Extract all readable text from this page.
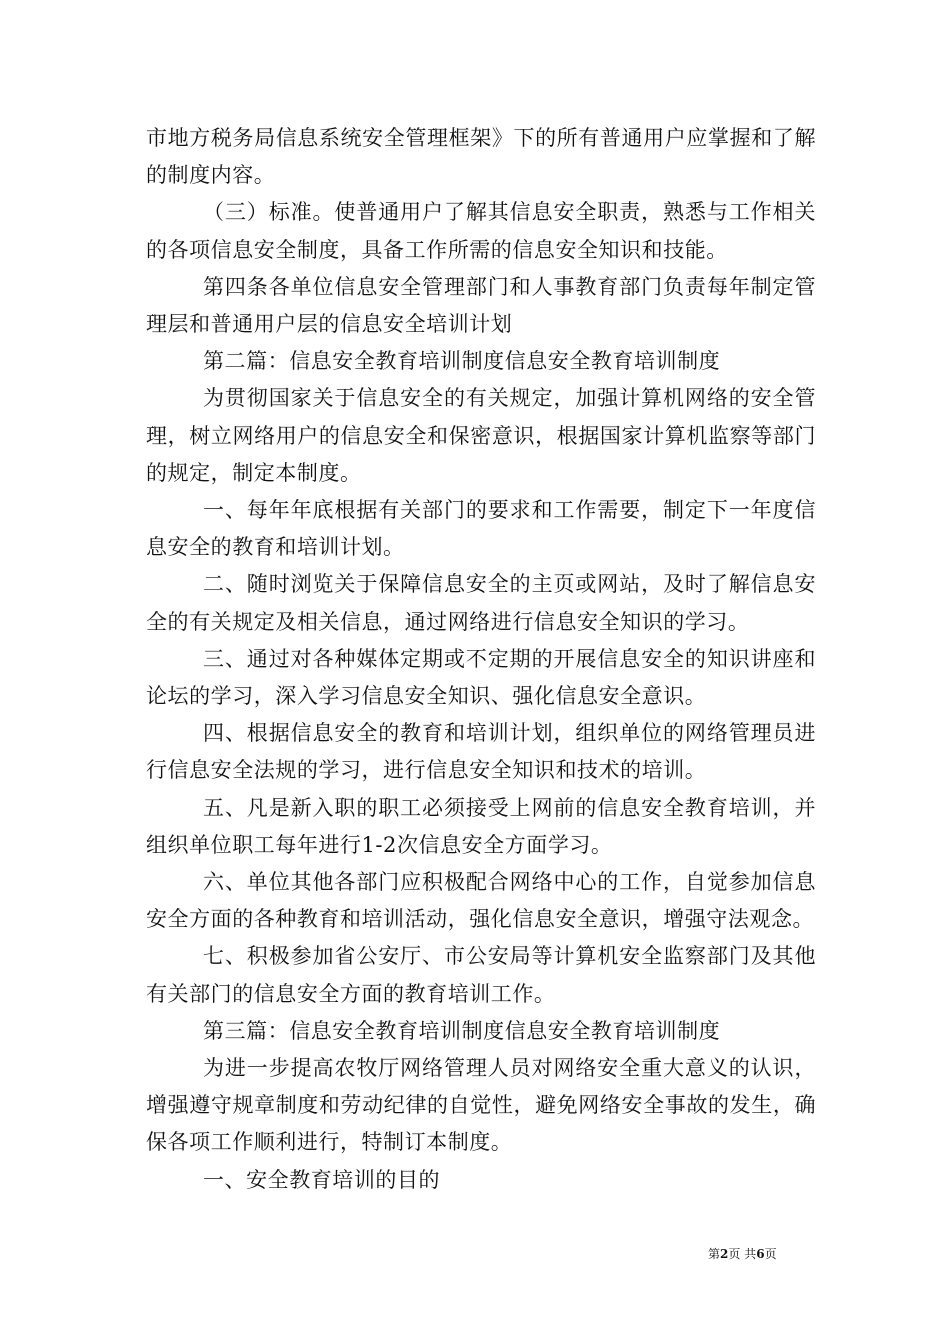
市地方税务局信息系统安全管理框架》下的所有普通用户应掌握和了解的制度内容。

（三）标准。使普通用户了解其信息安全职责，熟悉与工作相关的各项信息安全制度，具备工作所需的信息安全知识和技能。

第四条各单位信息安全管理部门和人事教育部门负责每年制定管理层和普通用户层的信息安全培训计划

第二篇：信息安全教育培训制度信息安全教育培训制度

为贯彻国家关于信息安全的有关规定，加强计算机网络的安全管理，树立网络用户的信息安全和保密意识，根据国家计算机监察等部门的规定，制定本制度。

一、每年年底根据有关部门的要求和工作需要，制定下一年度信息安全的教育和培训计划。

二、随时浏览关于保障信息安全的主页或网站，及时了解信息安全的有关规定及相关信息，通过网络进行信息安全知识的学习。

三、通过对各种媒体定期或不定期的开展信息安全的知识讲座和论坛的学习，深入学习信息安全知识、强化信息安全意识。

四、根据信息安全的教育和培训计划，组织单位的网络管理员进行信息安全法规的学习，进行信息安全知识和技术的培训。

五、凡是新入职的职工必须接受上网前的信息安全教育培训，并组织单位职工每年进行1-2次信息安全方面学习。

六、单位其他各部门应积极配合网络中心的工作，自觉参加信息安全方面的各种教育和培训活动，强化信息安全意识，增强守法观念。

七、积极参加省公安厅、市公安局等计算机安全监察部门及其他有关部门的信息安全方面的教育培训工作。

第三篇：信息安全教育培训制度信息安全教育培训制度

为进一步提高农牧厅网络管理人员对网络安全重大意义的认识，增强遵守规章制度和劳动纪律的自觉性，避免网络安全事故的发生，确保各项工作顺利进行，特制订本制度。

一、安全教育培训的目的

第2页 共6页
